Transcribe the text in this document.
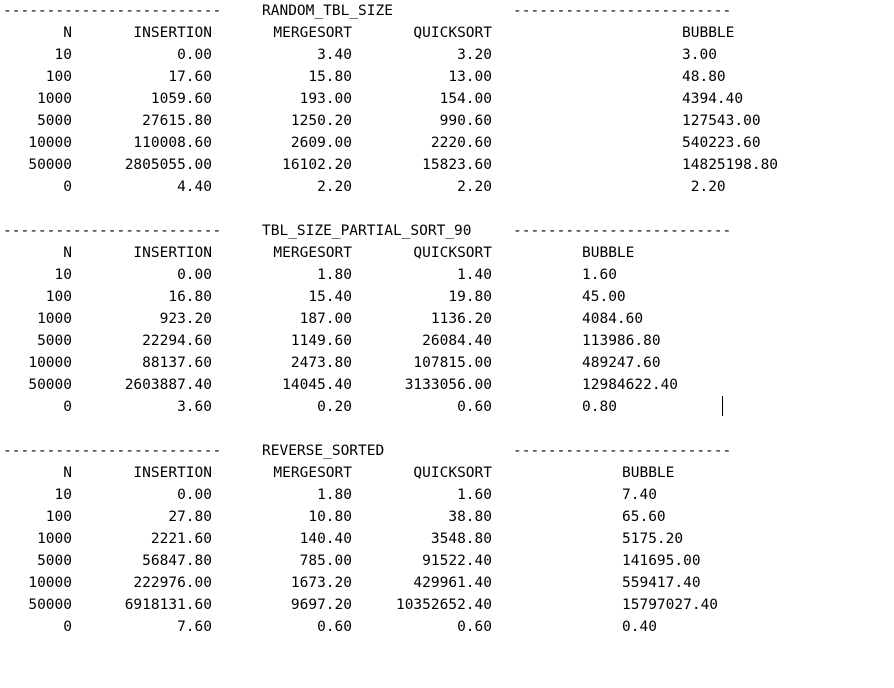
-------------------------	RANDOM_TBL_SIZE	-------------------------
N	INSERTION	MERGESORT	QUICKSORT	BUBBLE
10	0.00	3.40	3.20	3.00
100	17.60	15.80	13.00	48.80
1000	1059.60	193.00	154.00	4394.40
5000	27615.80	1250.20	990.60	127543.00
10000	110008.60	2609.00	2220.60	540223.60
50000	2805055.00	16102.20	15823.60	14825198.80
0	4.40	2.20	2.20	2.20
-------------------------	TBL_SIZE_PARTIAL_SORT_90	-------------------------
N	INSERTION	MERGESORT	QUICKSORT	BUBBLE
10	0.00	1.80	1.40	1.60
100	16.80	15.40	19.80	45.00
1000	923.20	187.00	1136.20	4084.60
5000	22294.60	1149.60	26084.40	113986.80
10000	88137.60	2473.80	107815.00	489247.60
50000	2603887.40	14045.40	3133056.00	12984622.40
0	3.60	0.20	0.60	0.80
-------------------------	REVERSE_SORTED	-------------------------
N	INSERTION	MERGESORT	QUICKSORT	BUBBLE
10	0.00	1.80	1.60	7.40
100	27.80	10.80	38.80	65.60
1000	2221.60	140.40	3548.80	5175.20
5000	56847.80	785.00	91522.40	141695.00
10000	222976.00	1673.20	429961.40	559417.40
50000	6918131.60	9697.20	10352652.40	15797027.40
0	7.60	0.60	0.60	0.40
